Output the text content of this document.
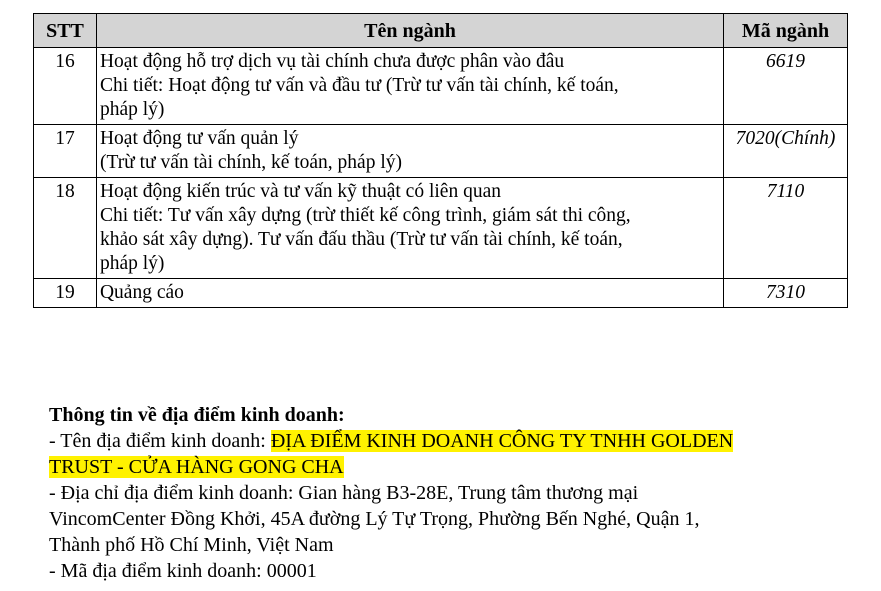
STT	Tên ngành	Mã ngành
16	Hoạt động hỗ trợ dịch vụ tài chính chưa được phân vào đâu
Chi tiết: Hoạt động tư vấn và đầu tư (Trừ tư vấn tài chính, kế toán,
pháp lý)	6619
17	Hoạt động tư vấn quản lý
(Trừ tư vấn tài chính, kế toán, pháp lý)	7020(Chính)
18	Hoạt động kiến trúc và tư vấn kỹ thuật có liên quan
Chi tiết: Tư vấn xây dựng (trừ thiết kế công trình, giám sát thi công,
khảo sát xây dựng). Tư vấn đấu thầu (Trừ tư vấn tài chính, kế toán,
pháp lý)	7110
19	Quảng cáo	7310
Thông tin về địa điểm kinh doanh:
- Tên địa điểm kinh doanh: ĐỊA ĐIỂM KINH DOANH CÔNG TY TNHH GOLDEN
TRUST - CỬA HÀNG GONG CHA
- Địa chỉ địa điểm kinh doanh: Gian hàng B3-28E, Trung tâm thương mại
VincomCenter Đồng Khởi, 45A đường Lý Tự Trọng, Phường Bến Nghé, Quận 1,
Thành phố Hồ Chí Minh, Việt Nam
- Mã địa điểm kinh doanh: 00001
